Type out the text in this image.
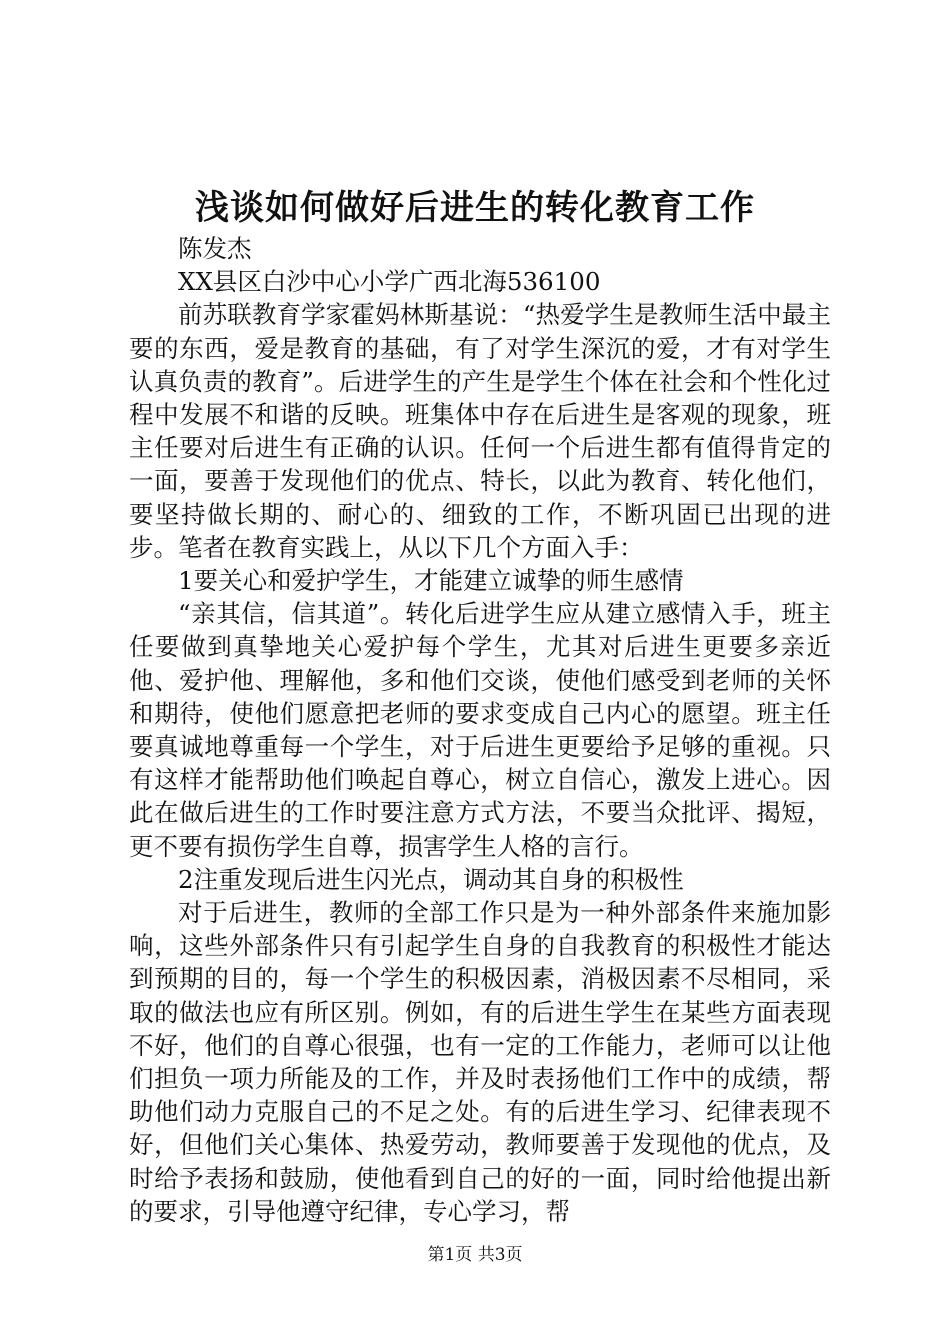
浅谈如何做好后进生的转化教育工作

陈发杰

XX县区白沙中心小学广西北海536100

前苏联教育学家霍妈林斯基说：“热爱学生是教师生活中最主要的东西，爱是教育的基础，有了对学生深沉的爱，才有对学生认真负责的教育”。后进学生的产生是学生个体在社会和个性化过程中发展不和谐的反映。班集体中存在后进生是客观的现象，班主任要对后进生有正确的认识。任何一个后进生都有值得肯定的一面，要善于发现他们的优点、特长，以此为教育、转化他们，要坚持做长期的、耐心的、细致的工作，不断巩固已出现的进步。笔者在教育实践上，从以下几个方面入手：

1要关心和爱护学生，才能建立诚挚的师生感情

“亲其信，信其道”。转化后进学生应从建立感情入手，班主任要做到真挚地关心爱护每个学生，尤其对后进生更要多亲近他、爱护他、理解他，多和他们交谈，使他们感受到老师的关怀和期待，使他们愿意把老师的要求变成自己内心的愿望。班主任要真诚地尊重每一个学生，对于后进生更要给予足够的重视。只有这样才能帮助他们唤起自尊心，树立自信心，激发上进心。因此在做后进生的工作时要注意方式方法，不要当众批评、揭短，更不要有损伤学生自尊，损害学生人格的言行。

2注重发现后进生闪光点，调动其自身的积极性

对于后进生，教师的全部工作只是为一种外部条件来施加影响，这些外部条件只有引起学生自身的自我教育的积极性才能达到预期的目的，每一个学生的积极因素，消极因素不尽相同，采取的做法也应有所区别。例如，有的后进生学生在某些方面表现不好，他们的自尊心很强，也有一定的工作能力，老师可以让他们担负一项力所能及的工作，并及时表扬他们工作中的成绩，帮助他们动力克服自己的不足之处。有的后进生学习、纪律表现不好，但他们关心集体、热爱劳动，教师要善于发现他的优点，及时给予表扬和鼓励，使他看到自己的好的一面，同时给他提出新的要求，引导他遵守纪律，专心学习，帮

第1页 共3页
